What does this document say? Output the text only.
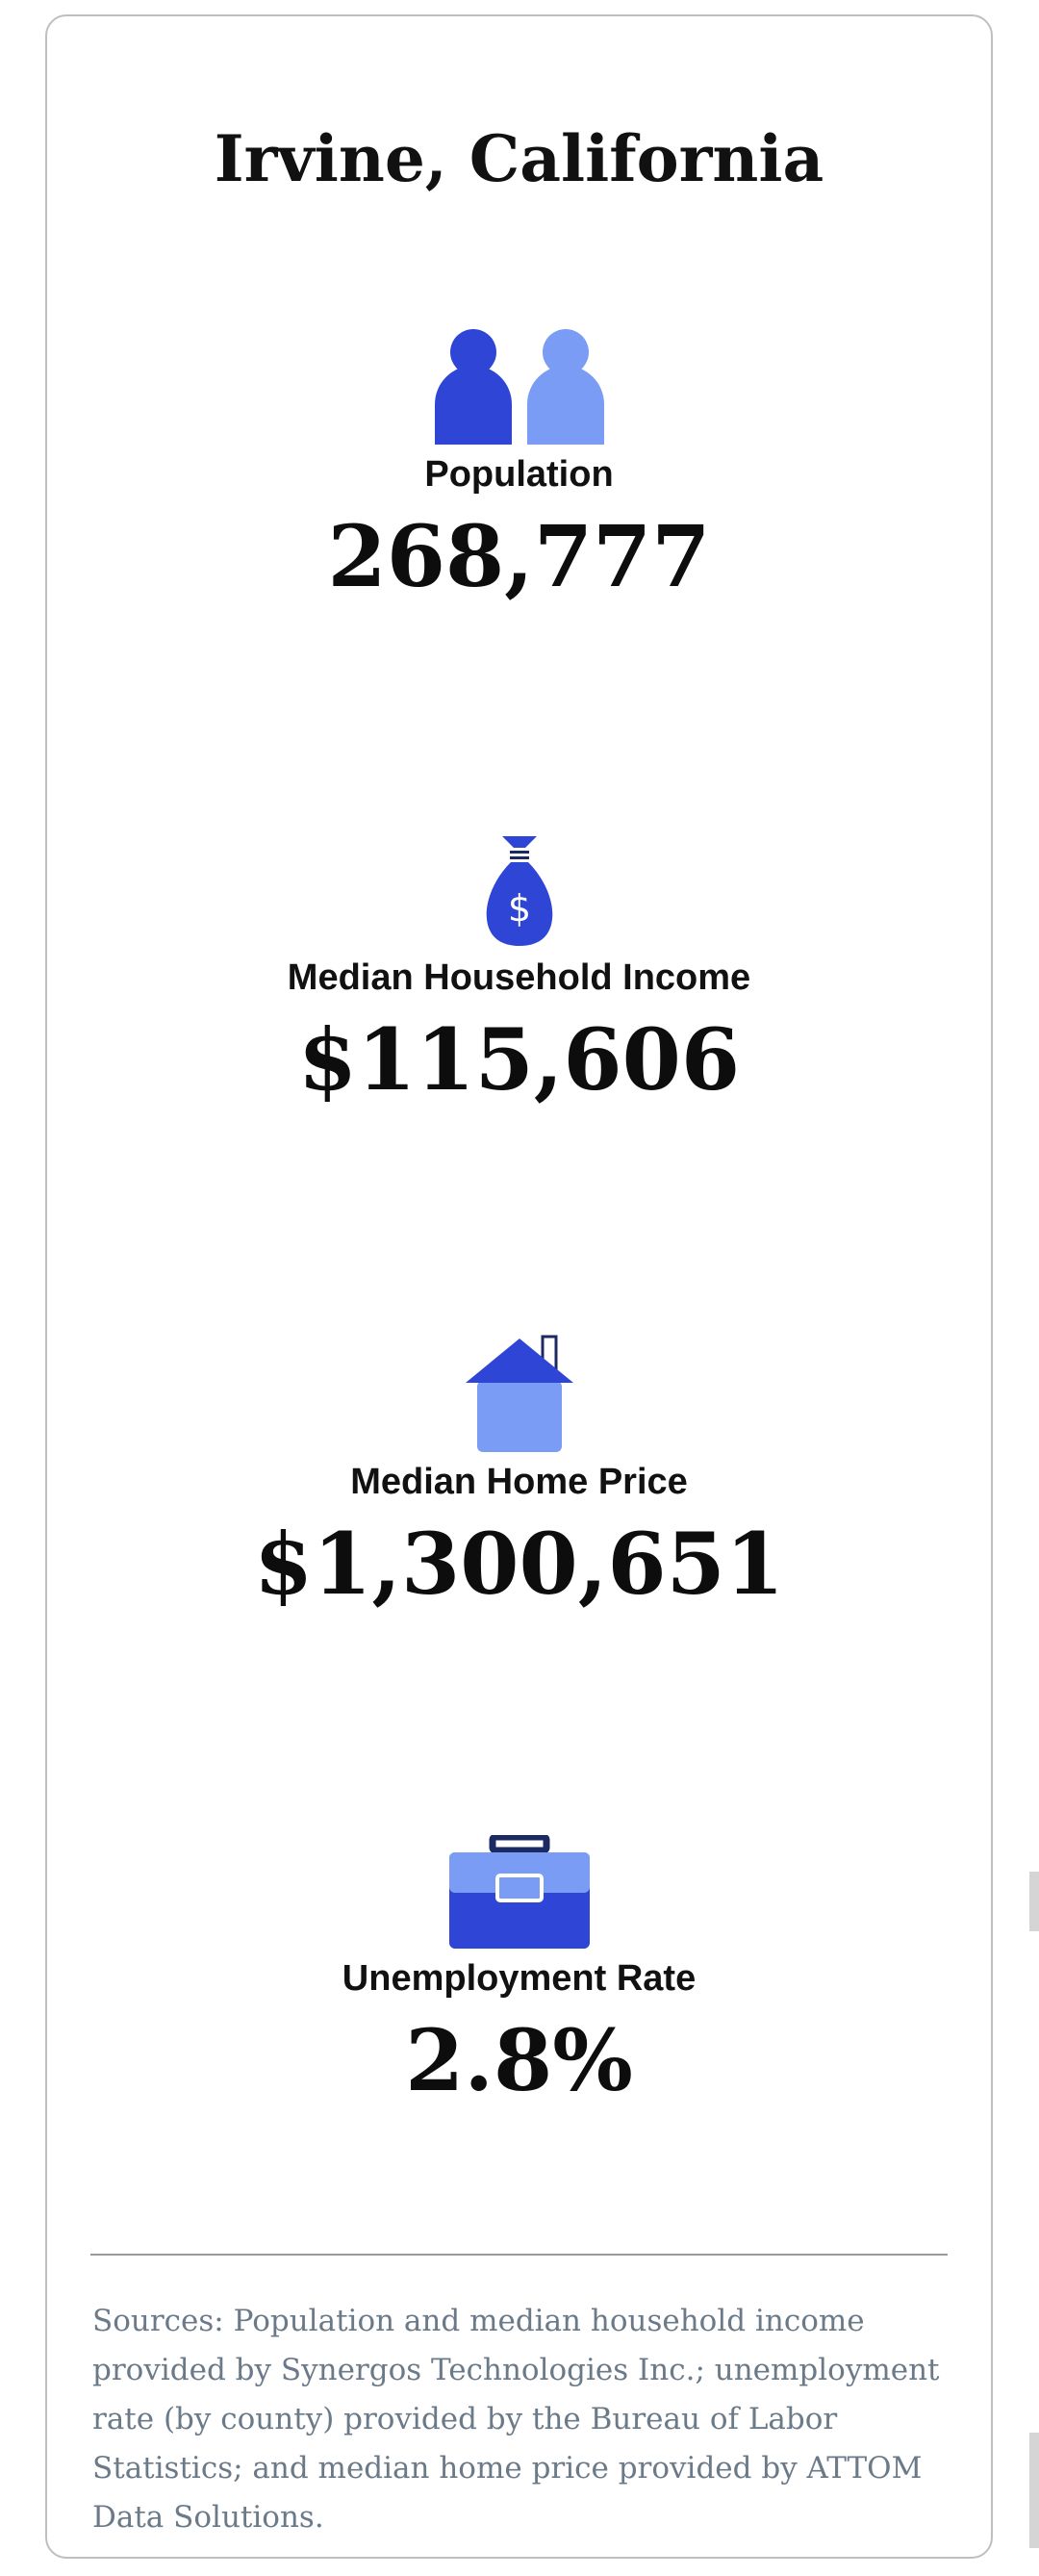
Irvine, California
Population
268,777
$
Median Household Income
$115,606
Median Home Price
$1,300,651
Unemployment Rate
2.8%

Sources: Population and median household income provided by Synergos Technologies Inc.; unemployment rate (by county) provided by the Bureau of Labor Statistics; and median home price provided by ATTOM Data Solutions.
